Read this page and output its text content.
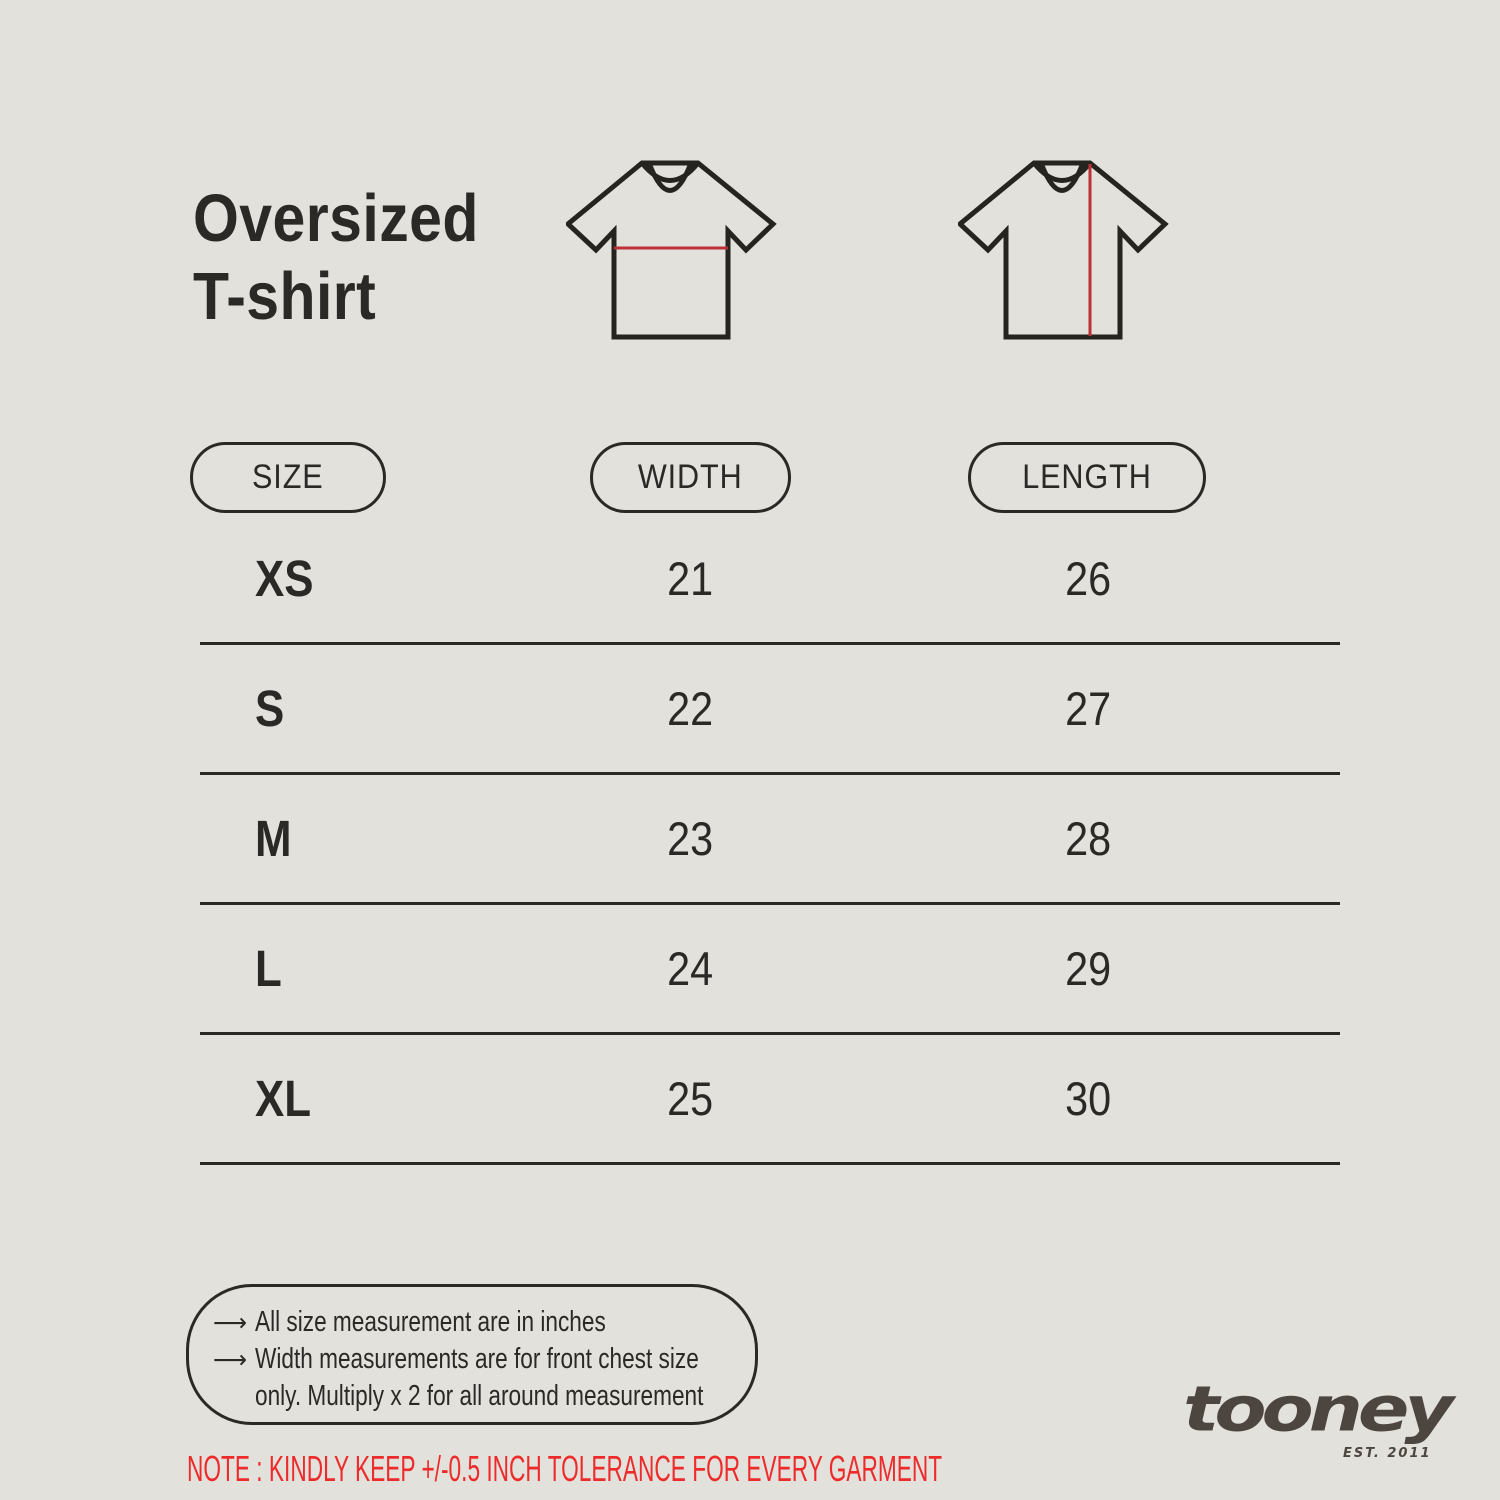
Oversized
T-shirt
SIZE	WIDTH	LENGTH
XS	21	26
S	22	27
M	23	28
L	24	29
XL	25	30
⟶ All size measurement are in inches
⟶ Width measurements are for front chest size
only. Multiply x 2 for all around measurement
NOTE : KINDLY KEEP +/-0.5 INCH TOLERANCE FOR EVERY GARMENT
tooney
EST. 2011
